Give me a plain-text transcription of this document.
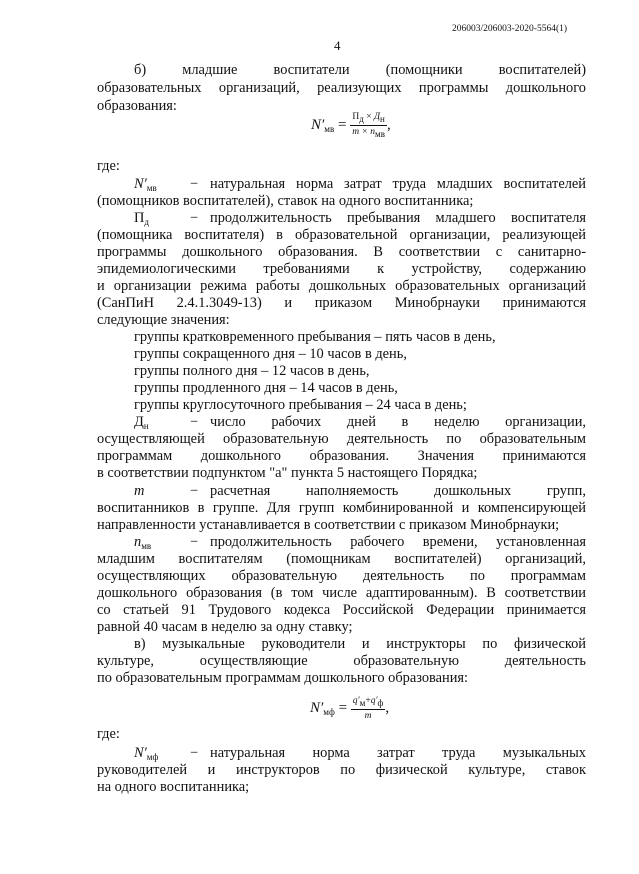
206003/206003-2020-5564(1)
4
б) младшие воспитатели (помощники воспитателей)
образовательных организаций, реализующих программы дошкольного
образования:
$N'_{мв} = \frac{Пд \times Дн}{\text{m × nмв}}$ ,
где:
$N'_{мв}$ − натуральная норма затрат труда младших воспитателей
(помощников воспитателей), ставок на одного воспитанника;
$П_д$	− продолжительность пребывания младшего воспитателя
(помощника воспитателя) в образовательной организации, реализующей
программы дошкольного образования. В соответствии с санитарно-
эпидемиологическими требованиями к устройству, содержанию
и организации режима работы дошкольных образовательных организаций
(СанПиН 2.4.1.3049-13) и приказом Минобрнауки принимаются
следующие значения:
группы кратковременного пребывания – пять часов в день,
группы сокращенного дня – 10 часов в день,
группы полного дня – 12 часов в день,
группы продленного дня – 14 часов в день,
группы круглосуточного пребывания – 24 часа в день;
$Д_н$	− число рабочих дней в неделю организации,
осуществляющей образовательную деятельность по образовательным
программам дошкольного образования. Значения принимаются
в соответствии подпунктом "а" пункта 5 настоящего Порядка;
m	− расчетная наполняемость дошкольных групп,
воспитанников в группе. Для групп комбинированной и компенсирующей
направленности устанавливается в соответствии с приказом Минобрнауки;
$n_{мв}$	− продолжительность рабочего времени, установленная
младшим воспитателям (помощникам воспитателей) организаций,
осуществляющих образовательную деятельность по программам
дошкольного образования (в том числе адаптированным). В соответствии
со статьей 91 Трудового кодекса Российской Федерации принимается
равной 40 часам в неделю за одну ставку;
в) музыкальные руководители и инструкторы по физической
культуре, осуществляющие образовательную деятельность
по образовательным программам дошкольного образования:
$N'_{мф} = \frac{q'м+q'ф}{m}$ ,
где:
$N'_{мф}$ − натуральная норма затрат труда музыкальных
руководителей и инструкторов по физической культуре, ставок
на одного воспитанника;
